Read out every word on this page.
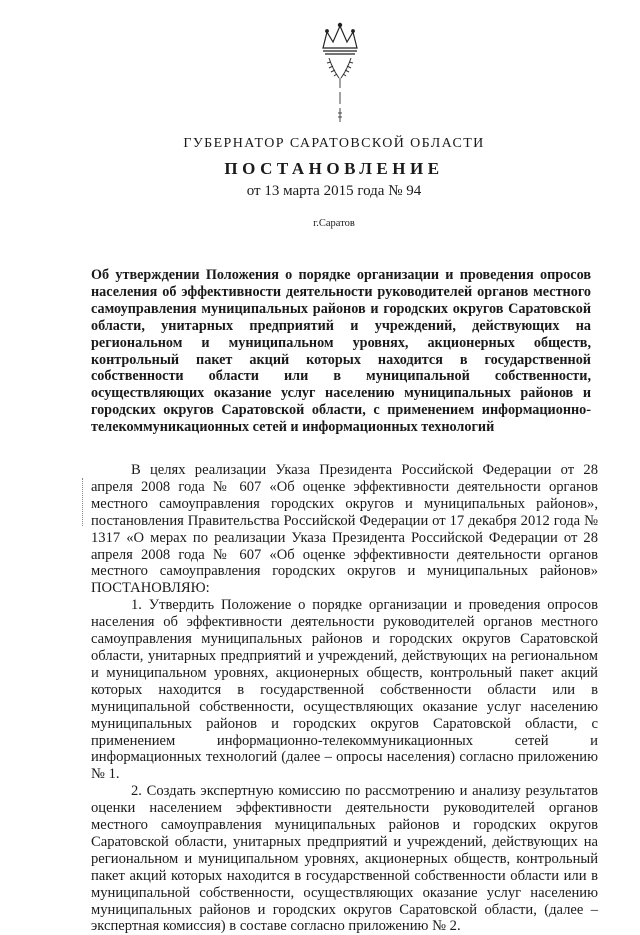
ГУБЕРНАТОР САРАТОВСКОЙ ОБЛАСТИ
ПОСТАНОВЛЕНИЕ
от 13 марта 2015 года № 94
г.Саратов

Об утверждении Положения о порядке организации и проведения опросов населения об эффективности деятельности руководителей органов местного самоуправления муниципальных районов и городских округов Саратовской области, унитарных предприятий и учреждений, действующих на региональном и муниципальном уровнях, акционерных обществ, контрольный пакет акций которых находится в государственной собственности области или в муниципальной собственности, осуществляющих оказание услуг населению муниципальных районов и городских округов Саратовской области, с применением информационно-телекоммуникационных сетей и информационных технологий

В целях реализации Указа Президента Российской Федерации от 28 апреля 2008 года № 607 «Об оценке эффективности деятельности органов местного самоуправления городских округов и муниципальных районов», постановления Правительства Российской Федерации от 17 декабря 2012 года № 1317 «О мерах по реализации Указа Президента Российской Федерации от 28 апреля 2008 года № 607 «Об оценке эффективности деятельности органов местного самоуправления городских округов и муниципальных районов» ПОСТАНОВЛЯЮ:

1. Утвердить Положение о порядке организации и проведения опросов населения об эффективности деятельности руководителей органов местного самоуправления муниципальных районов и городских округов Саратовской области, унитарных предприятий и учреждений, действующих на региональном и муниципальном уровнях, акционерных обществ, контрольный пакет акций которых находится в государственной собственности области или в муниципальной собственности, осуществляющих оказание услуг населению муниципальных районов и городских округов Саратовской области, с применением информационно-телекоммуникационных сетей и информационных технологий (далее – опросы населения) согласно приложению № 1.

2. Создать экспертную комиссию по рассмотрению и анализу результатов оценки населением эффективности деятельности руководителей органов местного самоуправления муниципальных районов и городских округов Саратовской области, унитарных предприятий и учреждений, действующих на региональном и муниципальном уровнях, акционерных обществ, контрольный пакет акций которых находится в государственной собственности области или в муниципальной собственности, осуществляющих оказание услуг населению муниципальных районов и городских округов Саратовской области, (далее – экспертная комиссия) в составе согласно приложению № 2.
